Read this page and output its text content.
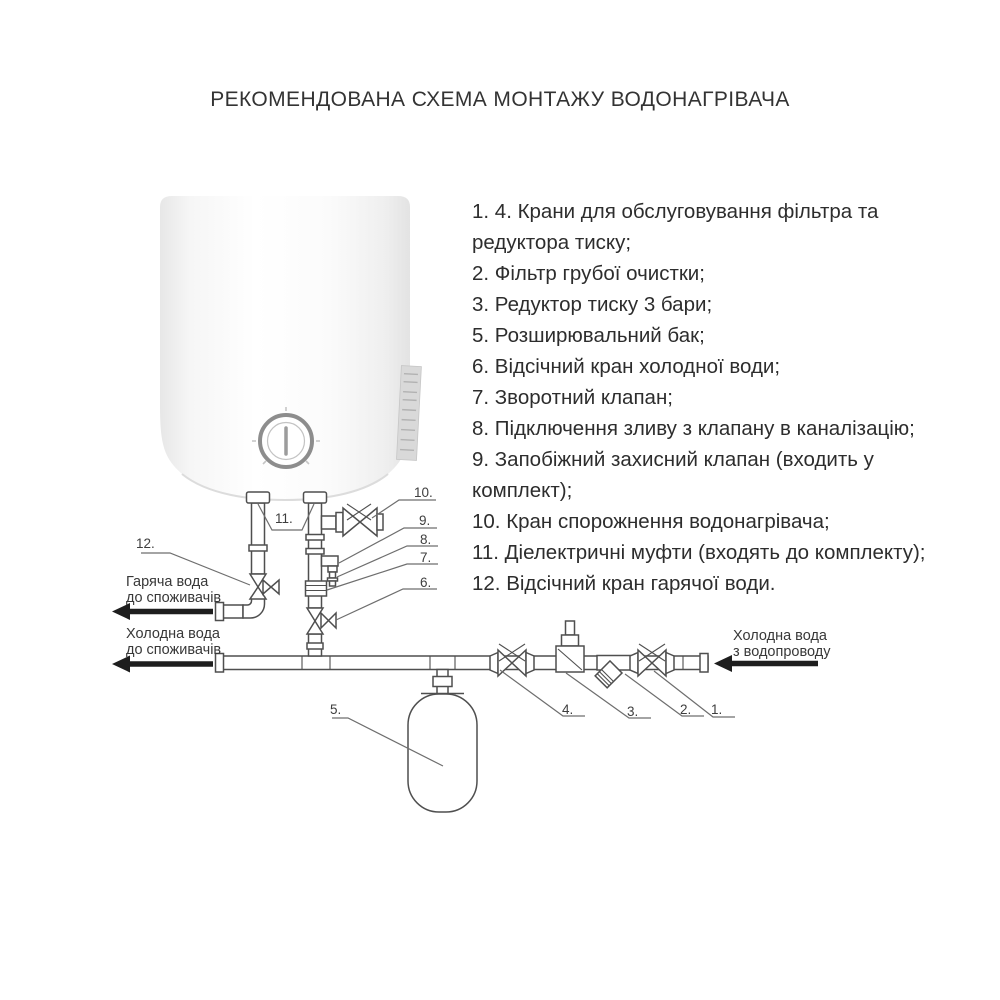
РЕКОМЕНДОВАНА СХЕМА МОНТАЖУ ВОДОНАГРІВАЧА
1. 4. Крани для обслуговування фільтра та редуктора тиску;
2. Фільтр грубої очистки;
3. Редуктор тиску 3 бари;
5. Розширювальний бак;
6. Відсічний кран холодної води;
7. Зворотний клапан;
8. Підключення зливу з клапану в каналізацію;
9. Запобіжний захисний клапан (входить у комплект);
10. Кран спорожнення водонагрівача;
11. Діелектричні муфти (входять до комплекту);
12. Відсічний кран гарячої води.
Гаряча вода
до споживачів
Холодна вода
до споживачів
Холодна вода
з водопроводу
10.
9.
8.
7.
6.
12.
11.
5.	4.	3.	2. 1.
